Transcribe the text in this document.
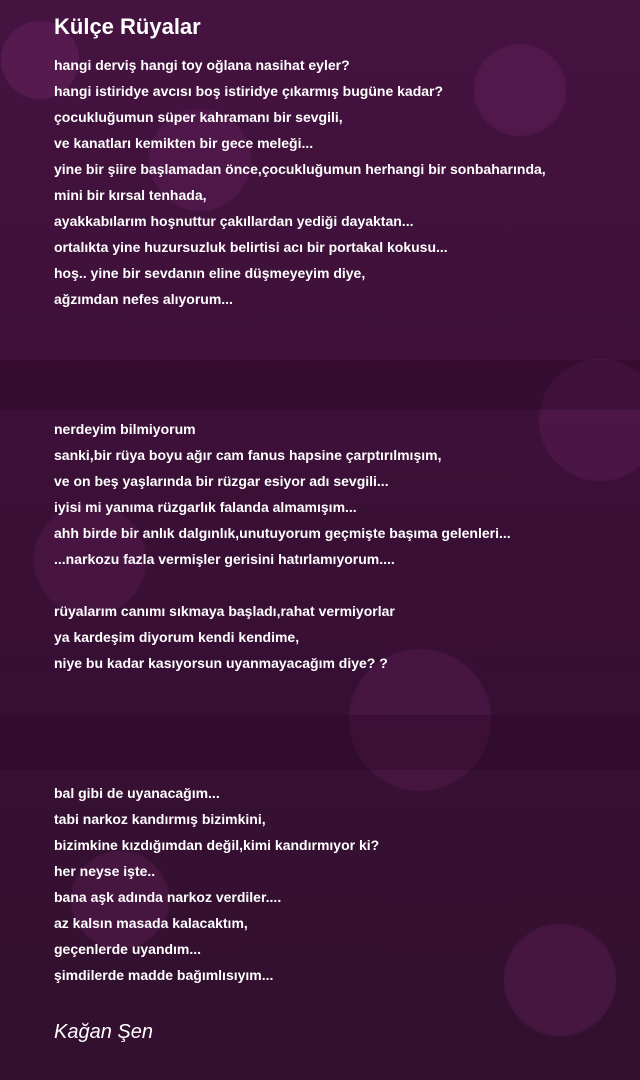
Külçe Rüyalar
hangi derviş hangi toy oğlana nasihat eyler?
hangi istiridye avcısı boş istiridye çıkarmış bugüne kadar?
çocukluğumun süper kahramanı bir sevgili,
ve kanatları kemikten bir gece meleği...
yine bir şiire başlamadan önce,çocukluğumun herhangi bir sonbaharında,
mini bir kırsal tenhada,
ayakkabılarım hoşnuttur çakıllardan yediği dayaktan...
ortalıkta yine huzursuzluk belirtisi acı bir portakal kokusu...
hoş.. yine bir sevdanın eline düşmeyeyim diye,
ağzımdan nefes alıyorum...
nerdeyim bilmiyorum
sanki,bir rüya boyu ağır cam fanus hapsine çarptırılmışım,
ve on beş yaşlarında bir rüzgar esiyor adı sevgili...
iyisi mi yanıma rüzgarlık falanda almamışım...
ahh birde bir anlık dalgınlık,unutuyorum geçmişte başıma gelenleri...
...narkozu fazla vermişler gerisini hatırlamıyorum....
rüyalarım canımı sıkmaya başladı,rahat vermiyorlar
ya kardeşim diyorum kendi kendime,
niye bu kadar kasıyorsun uyanmayacağım diye? ?
bal gibi de uyanacağım...
tabi narkoz kandırmış bizimkini,
bizimkine kızdığımdan değil,kimi kandırmıyor ki?
her neyse işte..
bana aşk adında narkoz verdiler....
az kalsın masada kalacaktım,
geçenlerde uyandım...
şimdilerde madde bağımlısıyım...

Kağan Şen
